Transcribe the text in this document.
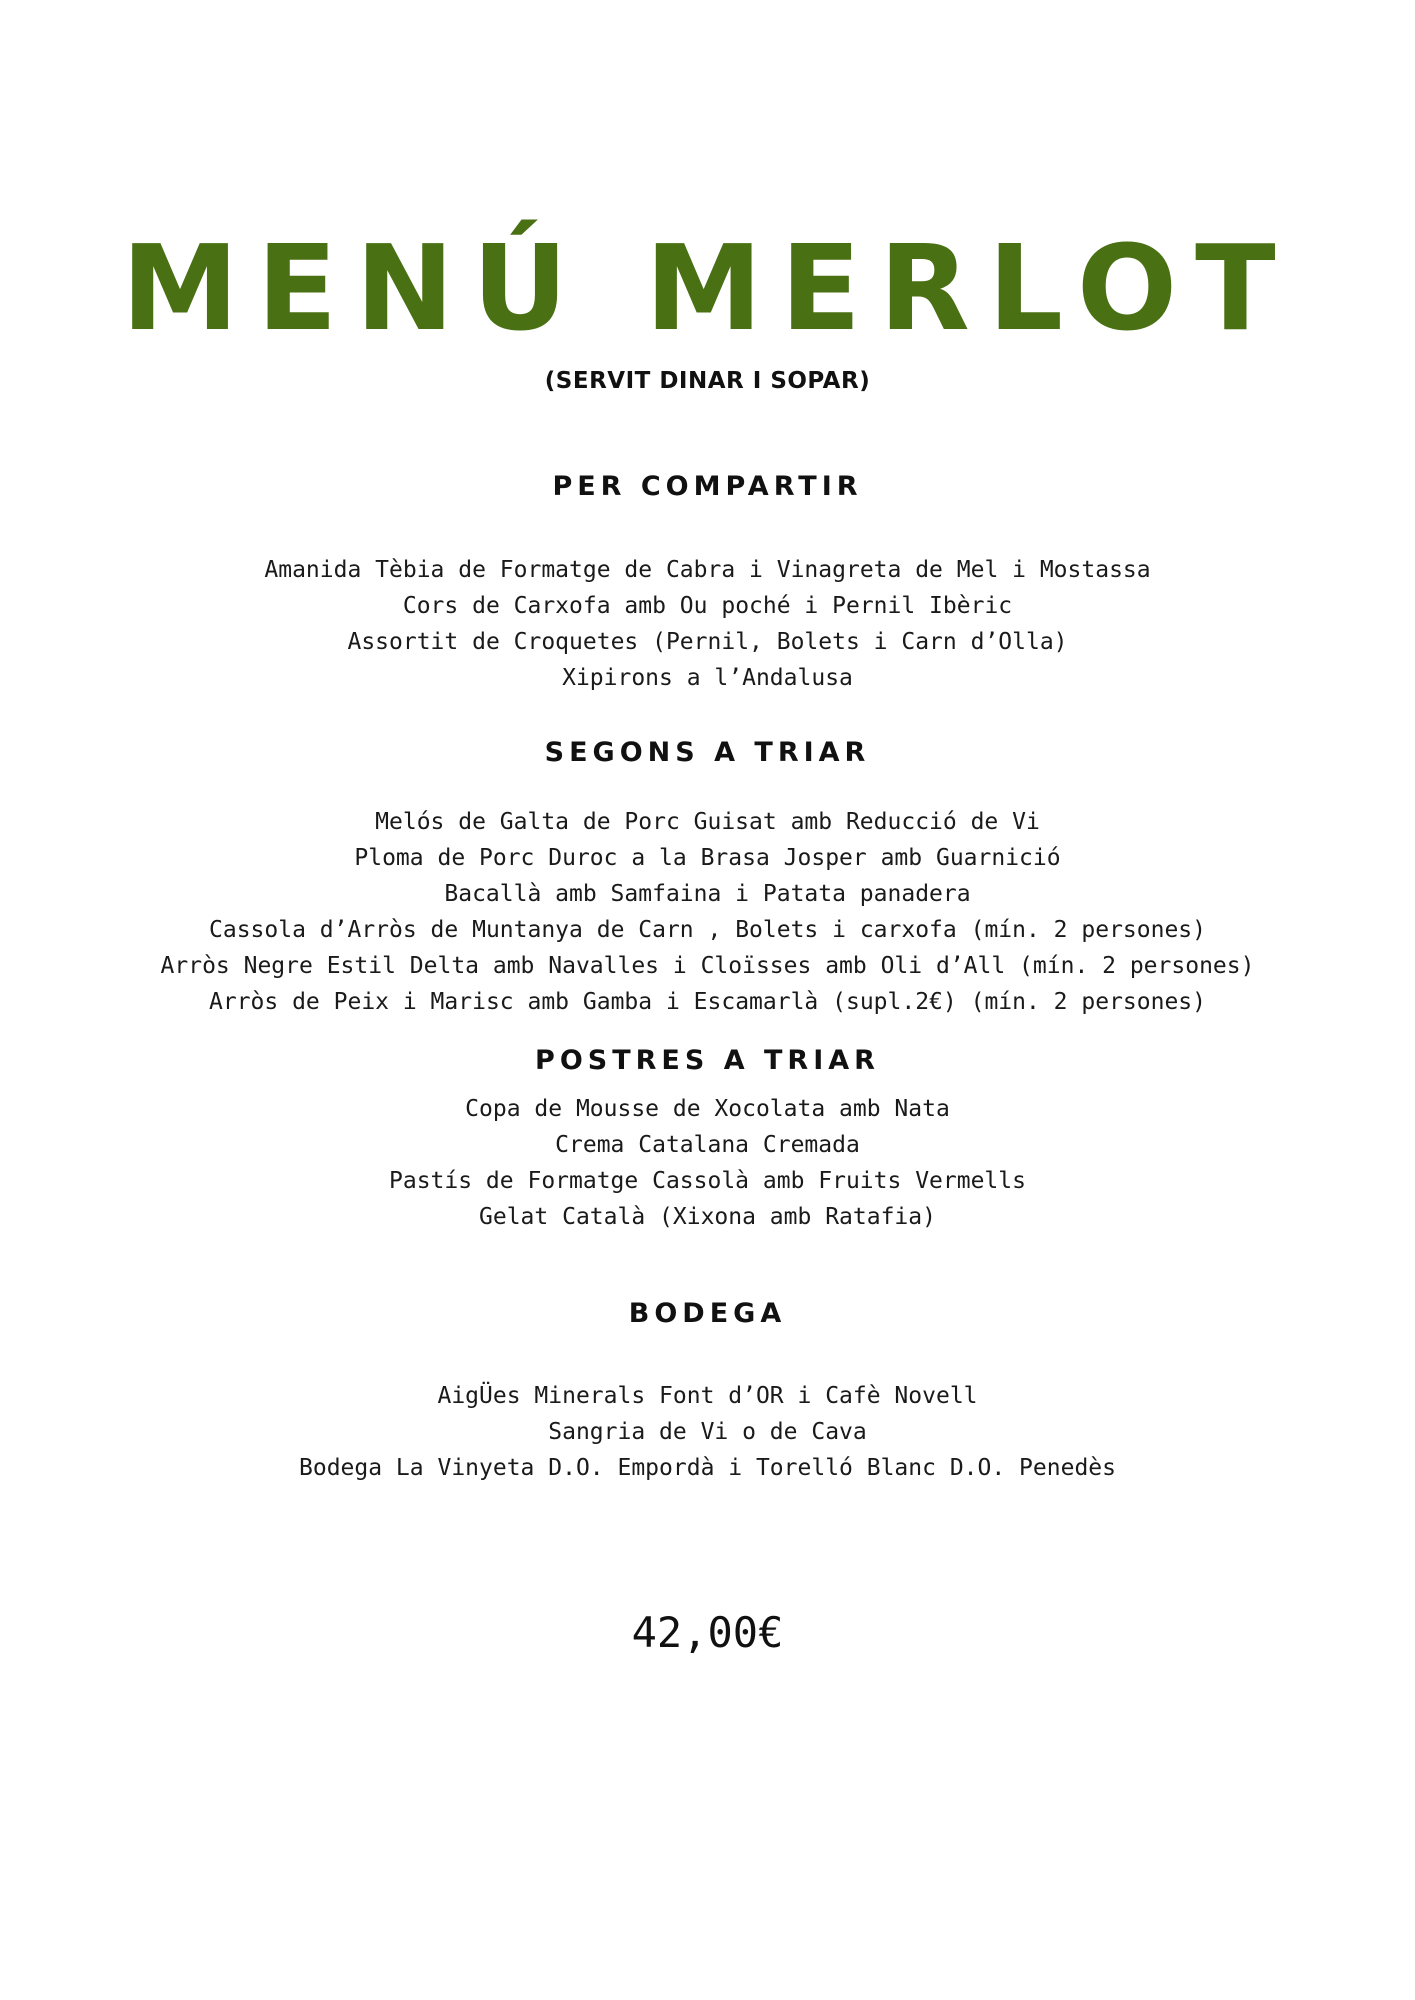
MENÚ MERLOT
(SERVIT DINAR I SOPAR)
PER COMPARTIR
Amanida Tèbia de Formatge de Cabra i Vinagreta de Mel i Mostassa
Cors de Carxofa amb Ou poché i Pernil Ibèric
Assortit de Croquetes (Pernil, Bolets i Carn d’Olla)
Xipirons a l’Andalusa
SEGONS A TRIAR
Melós de Galta de Porc Guisat amb Reducció de Vi
Ploma de Porc Duroc a la Brasa Josper amb Guarnició
Bacallà amb Samfaina i Patata panadera
Cassola d’Arròs de Muntanya de Carn , Bolets i carxofa (mín. 2 persones)
Arròs Negre Estil Delta amb Navalles i Cloïsses amb Oli d’All (mín. 2 persones)
Arròs de Peix i Marisc amb Gamba i Escamarlà (supl.2€) (mín. 2 persones)
POSTRES A TRIAR
Copa de Mousse de Xocolata amb Nata
Crema Catalana Cremada
Pastís de Formatge Cassolà amb Fruits Vermells
Gelat Català (Xixona amb Ratafia)
BODEGA
AigÜes Minerals Font d’OR i Cafè Novell
Sangria de Vi o de Cava
Bodega La Vinyeta D.O. Empordà i Torelló Blanc D.O. Penedès
42,00€
